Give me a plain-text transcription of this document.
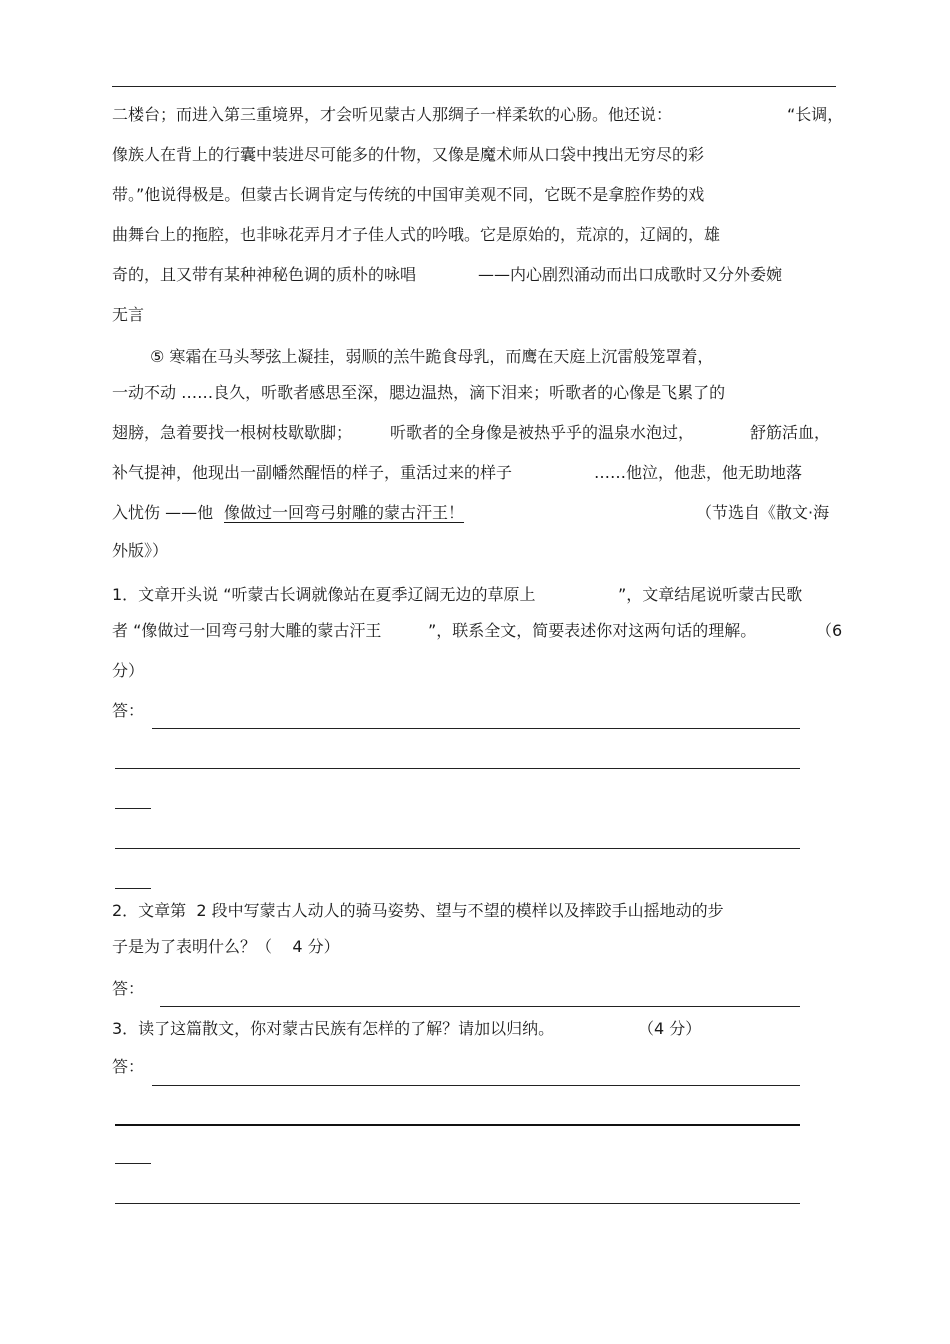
二楼台；而进入第三重境界，才会听见蒙古人那绸子一样柔软的心肠。他还说：	“长调，
像族人在背上的行囊中装进尽可能多的什物，又像是魔术师从口袋中拽出无穷尽的彩
带。”他说得极是。但蒙古长调肯定与传统的中国审美观不同，它既不是拿腔作势的戏
曲舞台上的拖腔，也非咏花弄月才子佳人式的吟哦。它是原始的，荒凉的，辽阔的，雄
奇的，且又带有某种神秘色调的质朴的咏唱	——内心剧烈涌动而出口成歌时又分外委婉
无言
⑤ 寒霜在马头琴弦上凝挂，弱顺的羔牛跪食母乳，而鹰在天庭上沉雷般笼罩着，
一动不动 ……良久，听歌者感思至深，腮边温热，滴下泪来；听歌者的心像是飞累了的
翅膀，急着要找一根树枝歇歇脚； 听歌者的全身像是被热乎乎的温泉水泡过，	舒筋活血，
补气提神，他现出一副幡然醒悟的样子，重活过来的样子	……他泣，他悲，他无助地落
入忧伤 ——他	（节选自《散文·海
外版》）
1．文章开头说 “听蒙古长调就像站在夏季辽阔无边的草原上	”，文章结尾说听蒙古民歌
者 “像做过一回弯弓射大雕的蒙古汗王	”，联系全文，简要表述你对这两句话的理解。	（6
分）
答：
2．文章第  2 段中写蒙古人动人的骑马姿势、望与不望的模样以及摔跤手山摇地动的步
子是为了表明什么？（    4 分）
答：
3．读了这篇散文，你对蒙古民族有怎样的了解？请加以归纳。	（4 分）
答：
像做过一回弯弓射雕的蒙古汗王！
